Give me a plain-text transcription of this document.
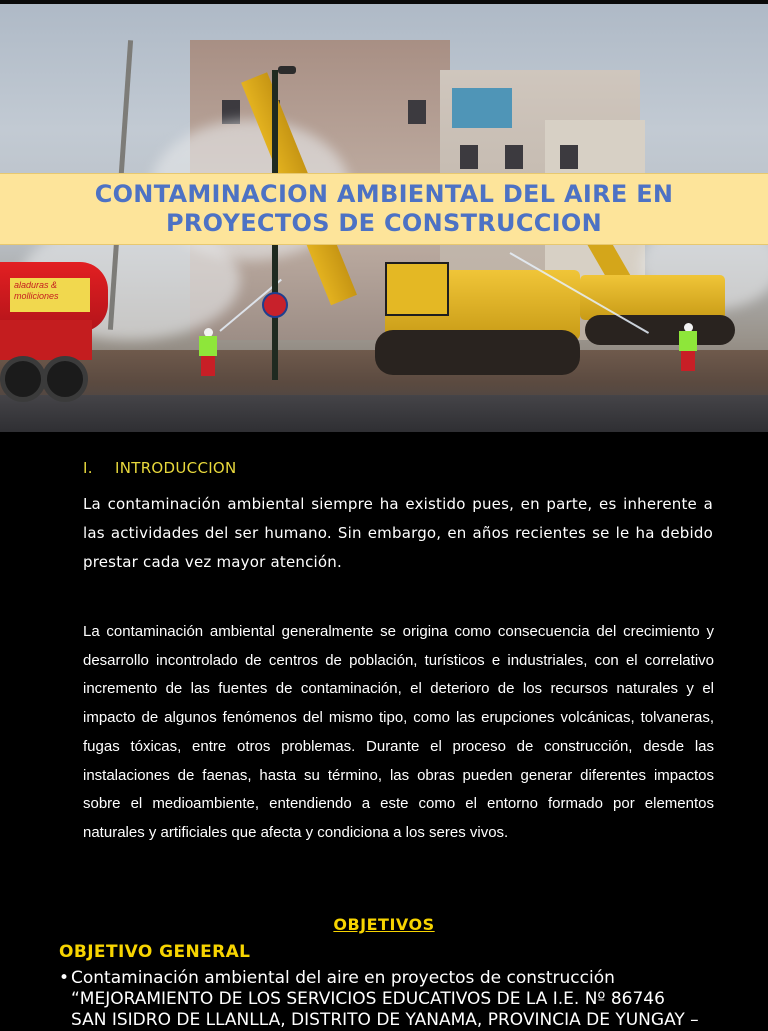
aladuras & molliciones
CONTAMINACION AMBIENTAL DEL AIRE EN
PROYECTOS DE CONSTRUCCION
I. INTRODUCCION
La contaminación ambiental siempre ha existido pues, en parte, es inherente a las actividades del ser humano. Sin embargo, en años recientes se le ha debido prestar cada vez mayor atención.
La contaminación ambiental generalmente se origina como consecuencia del crecimiento y desarrollo incontrolado de centros de población, turísticos e industriales, con el correlativo incremento de las fuentes de contaminación, el deterioro de los recursos naturales y el impacto de algunos fenómenos del mismo tipo, como las erupciones volcánicas, tolvaneras, fugas tóxicas, entre otros problemas. Durante el proceso de construcción, desde las instalaciones de faenas, hasta su término, las obras pueden generar diferentes impactos sobre el medioambiente, entendiendo a este como el entorno formado por elementos naturales y artificiales que afecta y condiciona a los seres vivos.
OBJETIVOS
OBJETIVO GENERAL
• Contaminación ambiental del aire en proyectos de construcción
“MEJORAMIENTO DE LOS SERVICIOS EDUCATIVOS DE LA I.E. Nº 86746
SAN ISIDRO DE LLANLLA, DISTRITO DE YANAMA, PROVINCIA DE YUNGAY –
